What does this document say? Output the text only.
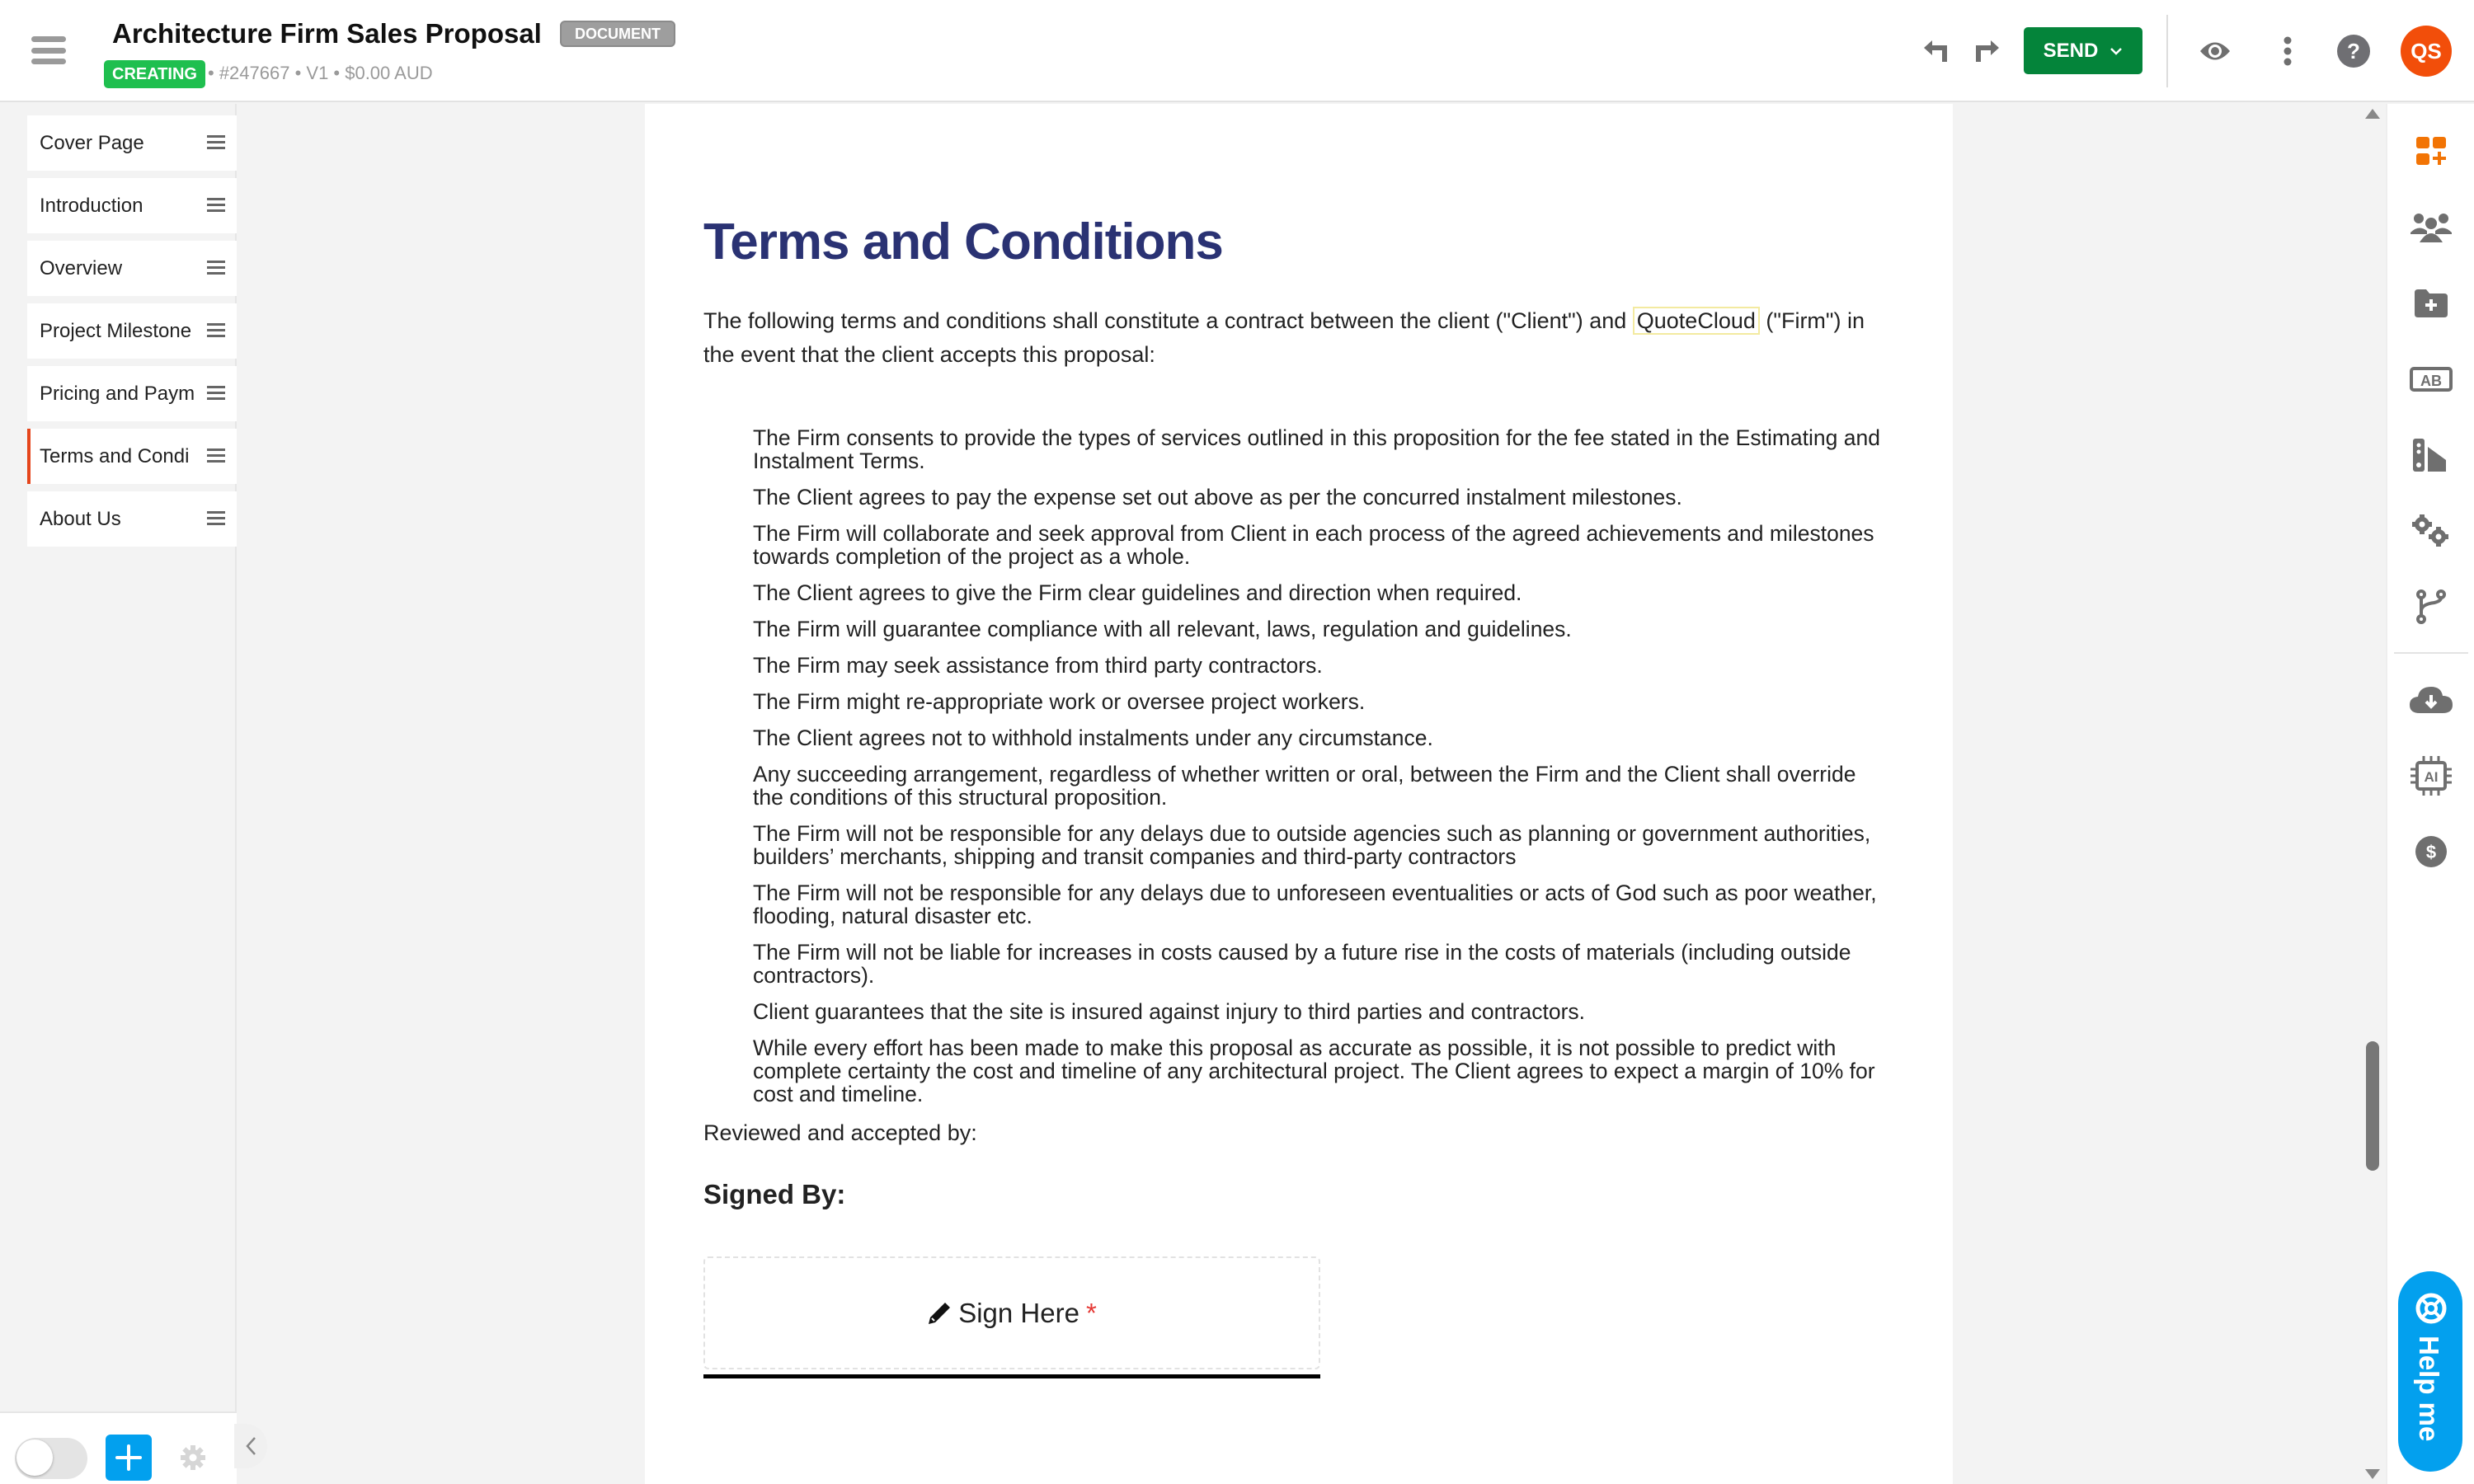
Architecture Firm Sales Proposal	DOCUMENT
CREATING • #247667 • V1 • $0.00 AUD
SEND	?	QS
Cover Page
Introduction
Overview
Project Milestone
Pricing and Paym
Terms and Condi
About Us
Terms and Conditions

The following terms and conditions shall constitute a contract between the client ("Client") and QuoteCloud ("Firm") in the event that the client accepts this proposal:

The Firm consents to provide the types of services outlined in this proposition for the fee stated in the Estimating and Instalment Terms.
The Client agrees to pay the expense set out above as per the concurred instalment milestones.
The Firm will collaborate and seek approval from Client in each process of the agreed achievements and milestones towards completion of the project as a whole.
The Client agrees to give the Firm clear guidelines and direction when required.
The Firm will guarantee compliance with all relevant, laws, regulation and guidelines.
The Firm may seek assistance from third party contractors.
The Firm might re-appropriate work or oversee project workers.
The Client agrees not to withhold instalments under any circumstance.
Any succeeding arrangement, regardless of whether written or oral, between the Firm and the Client shall override the conditions of this structural proposition.
The Firm will not be responsible for any delays due to outside agencies such as planning or government authorities, builders’ merchants, shipping and transit companies and third-party contractors
The Firm will not be responsible for any delays due to unforeseen eventualities or acts of God such as poor weather, flooding, natural disaster etc.
The Firm will not be liable for increases in costs caused by a future rise in the costs of materials (including outside contractors).
Client guarantees that the site is insured against injury to third parties and contractors.
While every effort has been made to make this proposal as accurate as possible, it is not possible to predict with complete certainty the cost and timeline of any architectural project. The Client agrees to expect a margin of 10% for cost and timeline.

Reviewed and accepted by:

Signed By:

Sign Here *
AB
AI
$
Help me
